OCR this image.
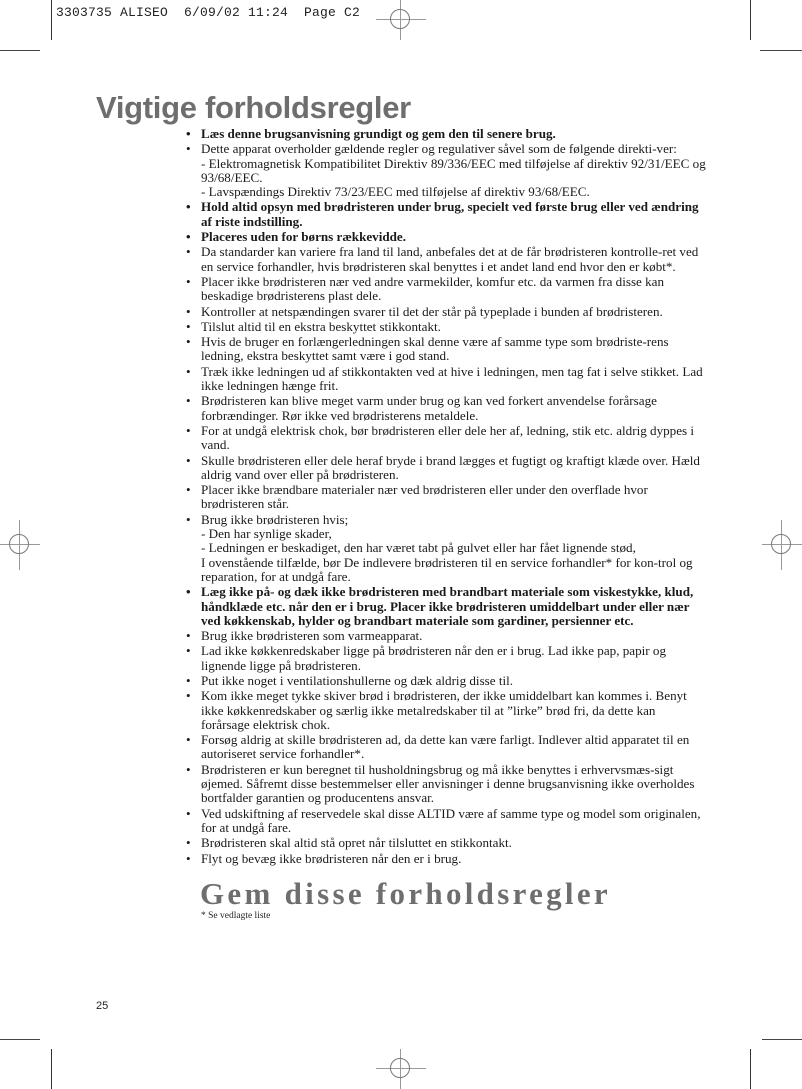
3303735 ALISEO  6/09/02 11:24  Page C2
Vigtige forholdsregler
• Læs denne brugsanvisning grundigt og gem den til senere brug.
• Dette apparat overholder gældende regler og regulativer såvel som de følgende direkti-ver:
- Elektromagnetisk Kompatibilitet Direktiv 89/336/EEC med tilføjelse af direktiv 92/31/EEC og 93/68/EEC.
- Lavspændings Direktiv 73/23/EEC med tilføjelse af direktiv 93/68/EEC.
• Hold altid opsyn med brødristeren under brug, specielt ved første brug eller ved ændring af riste indstilling.
• Placeres uden for børns rækkevidde.
• Da standarder kan variere fra land til land, anbefales det at de får brødristeren kontrolle-ret ved en service forhandler, hvis brødristeren skal benyttes i et andet land end hvor den er købt*.
• Placer ikke brødristeren nær ved andre varmekilder, komfur etc. da varmen fra disse kan beskadige brødristerens plast dele.
• Kontroller at netspændingen svarer til det der står på typeplade i bunden af brødristeren.
• Tilslut altid til en ekstra beskyttet stikkontakt.
• Hvis de bruger en forlængerledningen skal denne være af samme type som brødriste-rens ledning, ekstra beskyttet samt være i god stand.
• Træk ikke ledningen ud af stikkontakten ved at hive i ledningen, men tag fat i selve stikket. Lad ikke ledningen hænge frit.
• Brødristeren kan blive meget varm under brug og kan ved forkert anvendelse forårsage forbrændinger. Rør ikke ved brødristerens metaldele.
• For at undgå elektrisk chok, bør brødristeren eller dele her af, ledning, stik etc. aldrig dyppes i vand.
• Skulle brødristeren eller dele heraf bryde i brand lægges et fugtigt og kraftigt klæde over. Hæld aldrig vand over eller på brødristeren.
• Placer ikke brændbare materialer nær ved brødristeren eller under den overflade hvor brødristeren står.
• Brug ikke brødristeren hvis;
- Den har synlige skader,
- Ledningen er beskadiget, den har været tabt på gulvet eller har fået lignende stød,
I ovenstående tilfælde, bør De indlevere brødristeren til en service forhandler* for kon-trol og reparation, for at undgå fare.
• Læg ikke på- og dæk ikke brødristeren med brandbart materiale som viskestykke, klud, håndklæde etc. når den er i brug. Placer ikke brødristeren umiddelbart under eller nær ved køkkenskab, hylder og brandbart materiale som gardiner, persienner etc.
• Brug ikke brødristeren som varmeapparat.
• Lad ikke køkkenredskaber ligge på brødristeren når den er i brug. Lad ikke pap, papir og lignende ligge på brødristeren.
• Put ikke noget i ventilationshullerne og dæk aldrig disse til.
• Kom ikke meget tykke skiver brød i brødristeren, der ikke umiddelbart kan kommes i. Benyt ikke køkkenredskaber og særlig ikke metalredskaber til at ”lirke” brød fri, da dette kan forårsage elektrisk chok.
• Forsøg aldrig at skille brødristeren ad, da dette kan være farligt. Indlever altid apparatet til en autoriseret service forhandler*.
• Brødristeren er kun beregnet til husholdningsbrug og må ikke benyttes i erhvervsmæs-sigt øjemed. Såfremt disse bestemmelser eller anvisninger i denne brugsanvisning ikke overholdes bortfalder garantien og producentens ansvar.
• Ved udskiftning af reservedele skal disse ALTID være af samme type og model som originalen, for at undgå fare.
• Brødristeren skal altid stå opret når tilsluttet en stikkontakt.
• Flyt og bevæg ikke brødristeren når den er i brug.
Gem disse forholdsregler
* Se vedlagte liste
25
